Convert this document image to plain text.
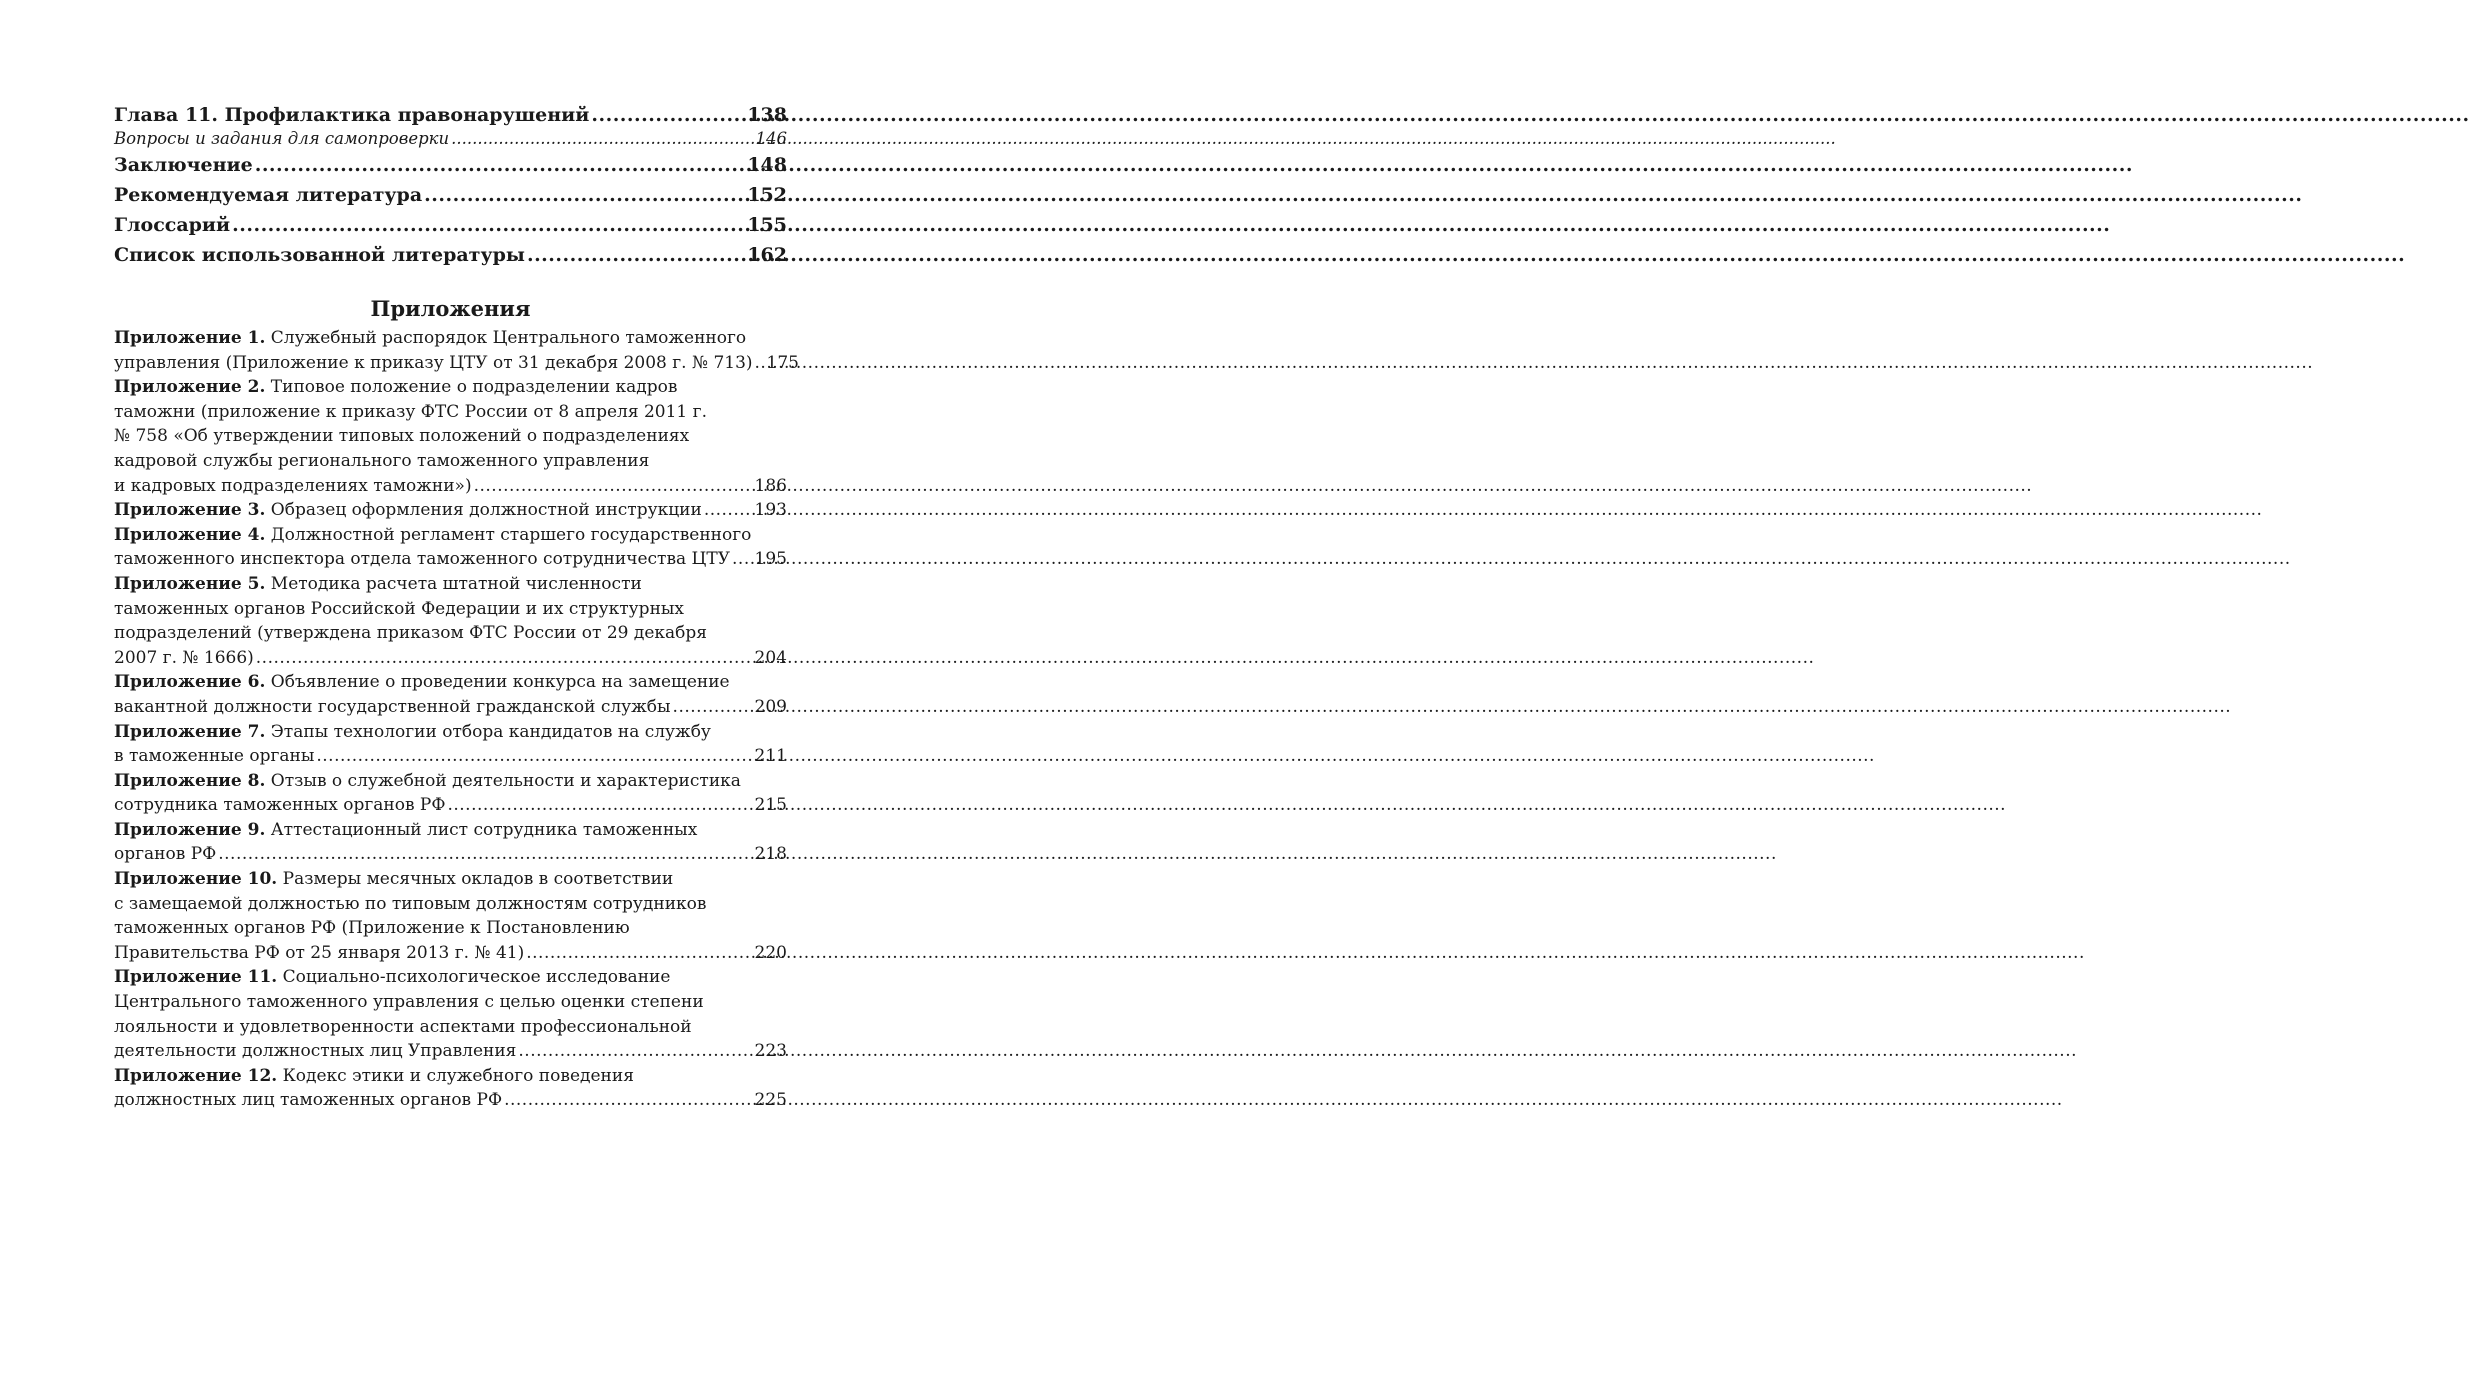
Глава 11. Профилактика правонарушений .....	138
Вопросы и задания для самопроверки .....	146
Заключение .....	148
Рекомендуемая литература .....	152
Глоссарий .....	155
Список использованной литературы .....	162
Приложения
Приложение 1. Служебный распорядок Центрального таможенного
управления (Приложение к приказу ЦТУ от 31 декабря 2008 г. № 713) ..... 175
Приложение 2. Типовое положение о подразделении кадров
таможни (приложение к приказу ФТС России от 8 апреля 2011 г.
№ 758 «Об утверждении типовых положений о подразделениях
кадровой службы регионального таможенного управления
и кадровых подразделениях таможни») .....	186
Приложение 3. Образец оформления должностной инструкции .....	193
Приложение 4. Должностной регламент старшего государственного
таможенного инспектора отдела таможенного сотрудничества ЦТУ ..... 195
Приложение 5. Методика расчета штатной численности
таможенных органов Российской Федерации и их структурных
подразделений (утверждена приказом ФТС России от 29 декабря
2007 г. № 1666) .....	204
Приложение 6. Объявление о проведении конкурса на замещение
вакантной должности государственной гражданской службы .....	209
Приложение 7. Этапы технологии отбора кандидатов на службу
в таможенные органы .....	211
Приложение 8. Отзыв о служебной деятельности и характеристика
сотрудника таможенных органов РФ .....	215
Приложение 9. Аттестационный лист сотрудника таможенных
органов РФ .....	218
Приложение 10. Размеры месячных окладов в соответствии
с замещаемой должностью по типовым должностям сотрудников
таможенных органов РФ (Приложение к Постановлению
Правительства РФ от 25 января 2013 г. № 41) .....	220
Приложение 11. Социально-психологическое исследование
Центрального таможенного управления с целью оценки степени
лояльности и удовлетворенности аспектами профессиональной
деятельности должностных лиц Управления .....	223
Приложение 12. Кодекс этики и служебного поведения
должностных лиц таможенных органов РФ .....	225
